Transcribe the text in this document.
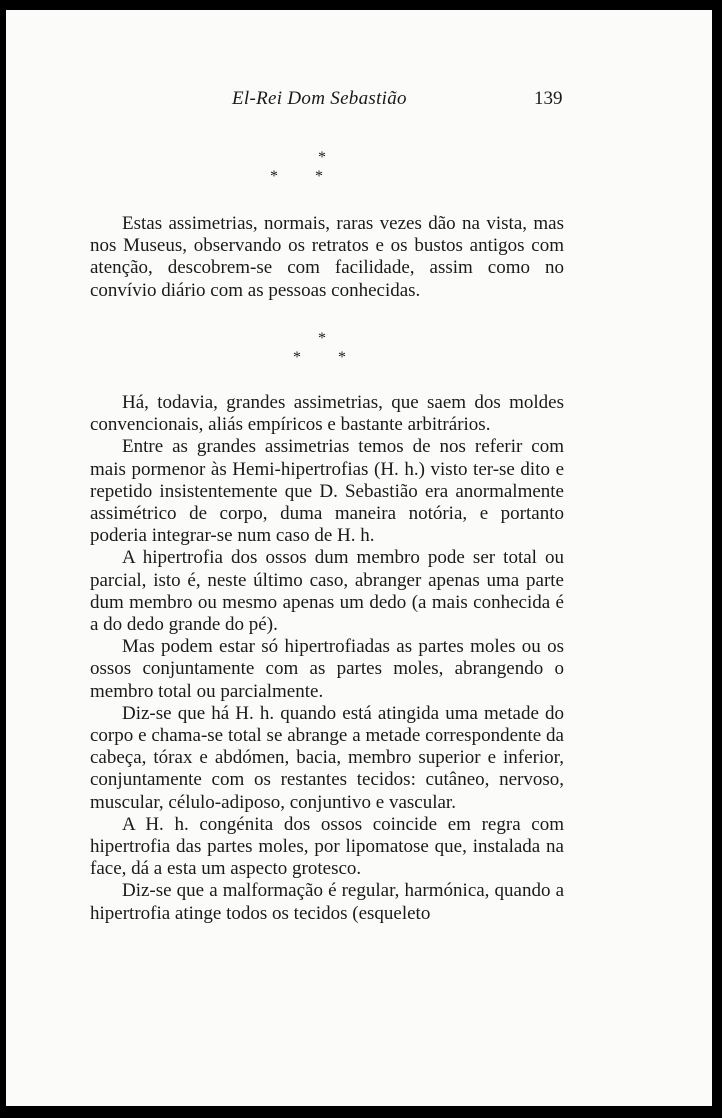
El-Rei Dom Sebastião	139
*
* *

Estas assimetrias, normais, raras vezes dão na vista, mas nos Museus, observando os retratos e os bustos antigos com atenção, descobrem-se com facilidade, assim como no convívio diário com as pessoas conhecidas.

*
* *

Há, todavia, grandes assimetrias, que saem dos moldes convencionais, aliás empíricos e bastante arbitrários.

Entre as grandes assimetrias temos de nos referir com mais pormenor às Hemi-hipertrofias (H. h.) visto ter-se dito e repetido insistentemente que D. Sebastião era anormalmente assimétrico de corpo, duma maneira notória, e portanto poderia integrar-se num caso de H. h.

A hipertrofia dos ossos dum membro pode ser total ou parcial, isto é, neste último caso, abranger apenas uma parte dum membro ou mesmo apenas um dedo (a mais conhecida é a do dedo grande do pé).

Mas podem estar só hipertrofiadas as partes moles ou os ossos conjuntamente com as partes moles, abrangendo o membro total ou parcialmente.

Diz-se que há H. h. quando está atingida uma metade do corpo e chama-se total se abrange a metade correspondente da cabeça, tórax e abdómen, bacia, membro superior e inferior, conjuntamente com os restantes tecidos: cutâneo, nervoso, muscular, célulo-adiposo, conjuntivo e vascular.

A H. h. congénita dos ossos coincide em regra com hipertrofia das partes moles, por lipomatose que, instalada na face, dá a esta um aspecto grotesco.

Diz-se que a malformação é regular, harmónica, quando a hipertrofia atinge todos os tecidos (esqueleto
